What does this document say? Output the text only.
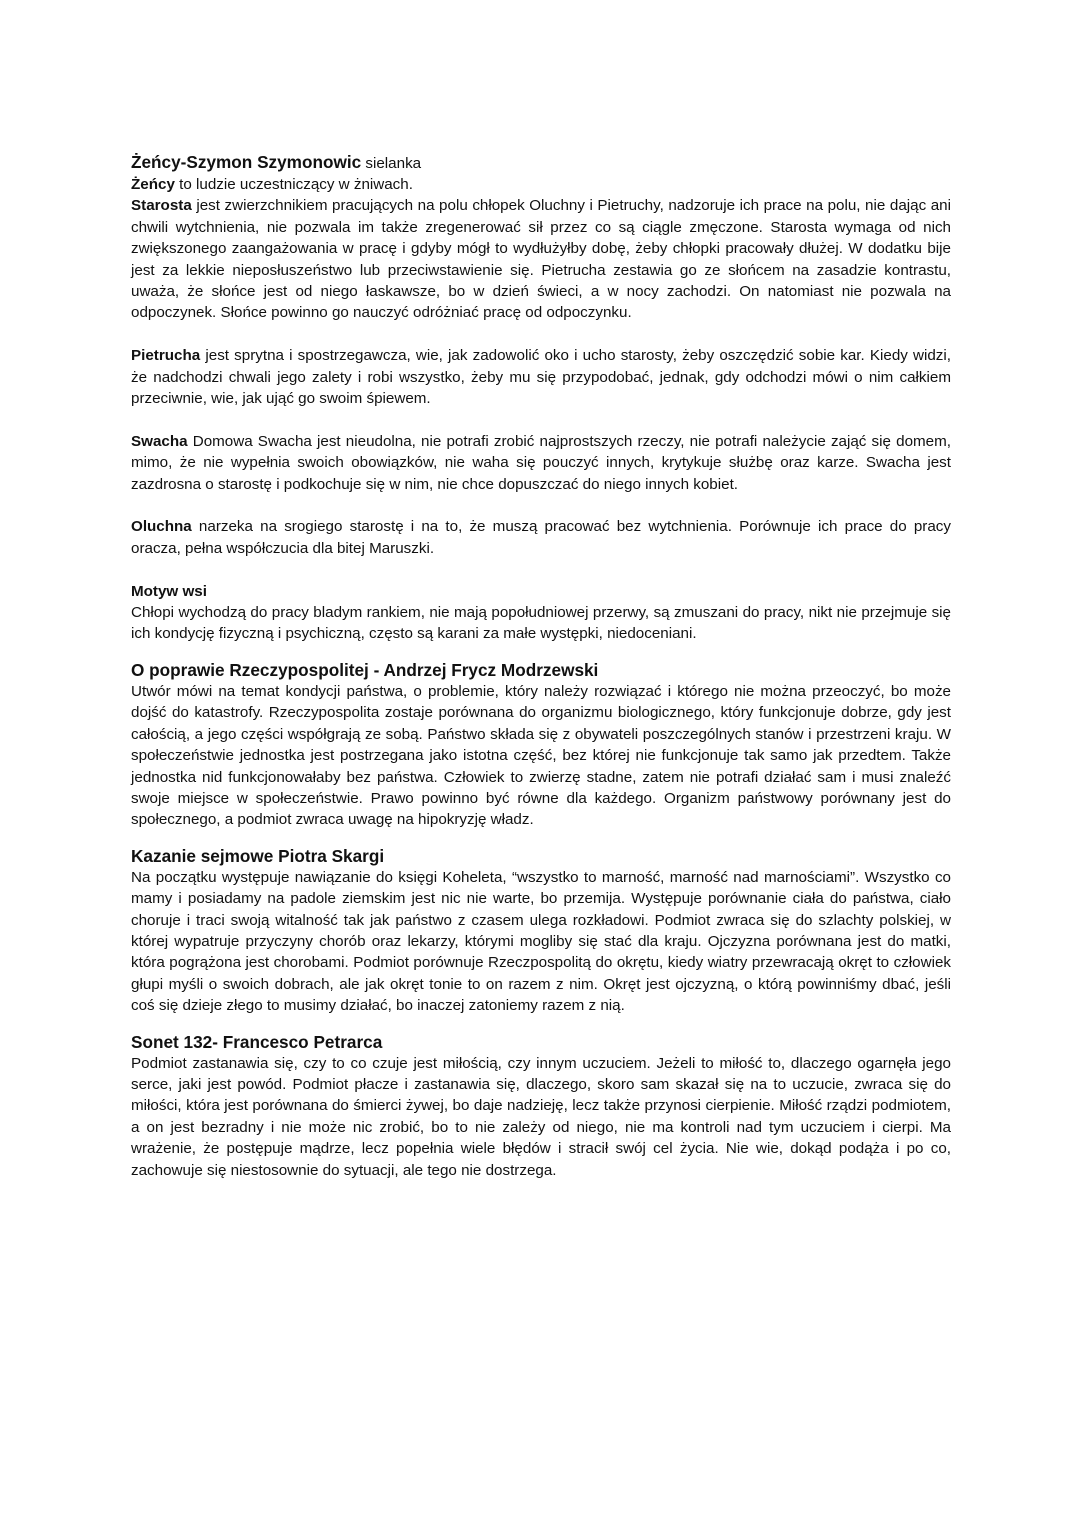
Żeńcy-Szymon Szymonowic sielanka

Żeńcy to ludzie uczestniczący w żniwach.

Starosta jest zwierzchnikiem pracujących na polu chłopek Oluchny i Pietruchy, nadzoruje ich prace na polu, nie dając ani chwili wytchnienia, nie pozwala im także zregenerować sił przez co są ciągle zmęczone. Starosta wymaga od nich zwiększonego zaangażowania w pracę i gdyby mógł to wydłużyłby dobę, żeby chłopki pracowały dłużej. W dodatku bije jest za lekkie nieposłuszeństwo lub przeciwstawienie się. Pietrucha zestawia go ze słońcem na zasadzie kontrastu, uważa, że słońce jest od niego łaskawsze, bo w dzień świeci, a w nocy zachodzi. On natomiast nie pozwala na odpoczynek. Słońce powinno go nauczyć odróżniać pracę od odpoczynku.

Pietrucha jest sprytna i spostrzegawcza, wie, jak zadowolić oko i ucho starosty, żeby oszczędzić sobie kar. Kiedy widzi, że nadchodzi chwali jego zalety i robi wszystko, żeby mu się przypodobać, jednak, gdy odchodzi mówi o nim całkiem przeciwnie, wie, jak ująć go swoim śpiewem.

Swacha Domowa Swacha jest nieudolna, nie potrafi zrobić najprostszych rzeczy, nie potrafi należycie zająć się domem, mimo, że nie wypełnia swoich obowiązków, nie waha się pouczyć innych, krytykuje służbę oraz karze. Swacha jest zazdrosna o starostę i podkochuje się w nim, nie chce dopuszczać do niego innych kobiet.

Oluchna narzeka na srogiego starostę i na to, że muszą pracować bez wytchnienia. Porównuje ich prace do pracy oracza, pełna współczucia dla bitej Maruszki.

Motyw wsi

Chłopi wychodzą do pracy bladym rankiem, nie mają popołudniowej przerwy, są zmuszani do pracy, nikt nie przejmuje się ich kondycję fizyczną i psychiczną, często są karani za małe występki, niedoceniani.

O poprawie Rzeczypospolitej - Andrzej Frycz Modrzewski

Utwór mówi na temat kondycji państwa, o problemie, który należy rozwiązać i którego nie można przeoczyć, bo może dojść do katastrofy. Rzeczypospolita zostaje porównana do organizmu biologicznego, który funkcjonuje dobrze, gdy jest całością, a jego części współgrają ze sobą. Państwo składa się z obywateli poszczególnych stanów i przestrzeni kraju. W społeczeństwie jednostka jest postrzegana jako istotna część, bez której nie funkcjonuje tak samo jak przedtem. Także jednostka nid funkcjonowałaby bez państwa. Człowiek to zwierzę stadne, zatem nie potrafi działać sam i musi znaleźć swoje miejsce w społeczeństwie. Prawo powinno być równe dla każdego. Organizm państwowy porównany jest do społecznego, a podmiot zwraca uwagę na hipokryzję władz.

Kazanie sejmowe Piotra Skargi

Na początku występuje nawiązanie do księgi Koheleta, “wszystko to marność, marność nad marnościami”. Wszystko co mamy i posiadamy na padole ziemskim jest nic nie warte, bo przemija. Występuje porównanie ciała do państwa, ciało choruje i traci swoją witalność tak jak państwo z czasem ulega rozkładowi. Podmiot zwraca się do szlachty polskiej, w której wypatruje przyczyny chorób oraz lekarzy, którymi mogliby się stać dla kraju. Ojczyzna porównana jest do matki, która pogrążona jest chorobami. Podmiot porównuje Rzeczpospolitą do okrętu, kiedy wiatry przewracają okręt to człowiek głupi myśli o swoich dobrach, ale jak okręt tonie to on razem z nim. Okręt jest ojczyzną, o którą powinniśmy dbać, jeśli coś się dzieje złego to musimy działać, bo inaczej zatoniemy razem z nią.

Sonet 132- Francesco Petrarca

Podmiot zastanawia się, czy to co czuje jest miłością, czy innym uczuciem. Jeżeli to miłość to, dlaczego ogarnęła jego serce, jaki jest powód. Podmiot płacze i zastanawia się, dlaczego, skoro sam skazał się na to uczucie, zwraca się do miłości, która jest porównana do śmierci żywej, bo daje nadzieję, lecz także przynosi cierpienie. Miłość rządzi podmiotem, a on jest bezradny i nie może nic zrobić, bo to nie zależy od niego, nie ma kontroli nad tym uczuciem i cierpi. Ma wrażenie, że postępuje mądrze, lecz popełnia wiele błędów i stracił swój cel życia. Nie wie, dokąd podąża i po co, zachowuje się niestosownie do sytuacji, ale tego nie dostrzega.
